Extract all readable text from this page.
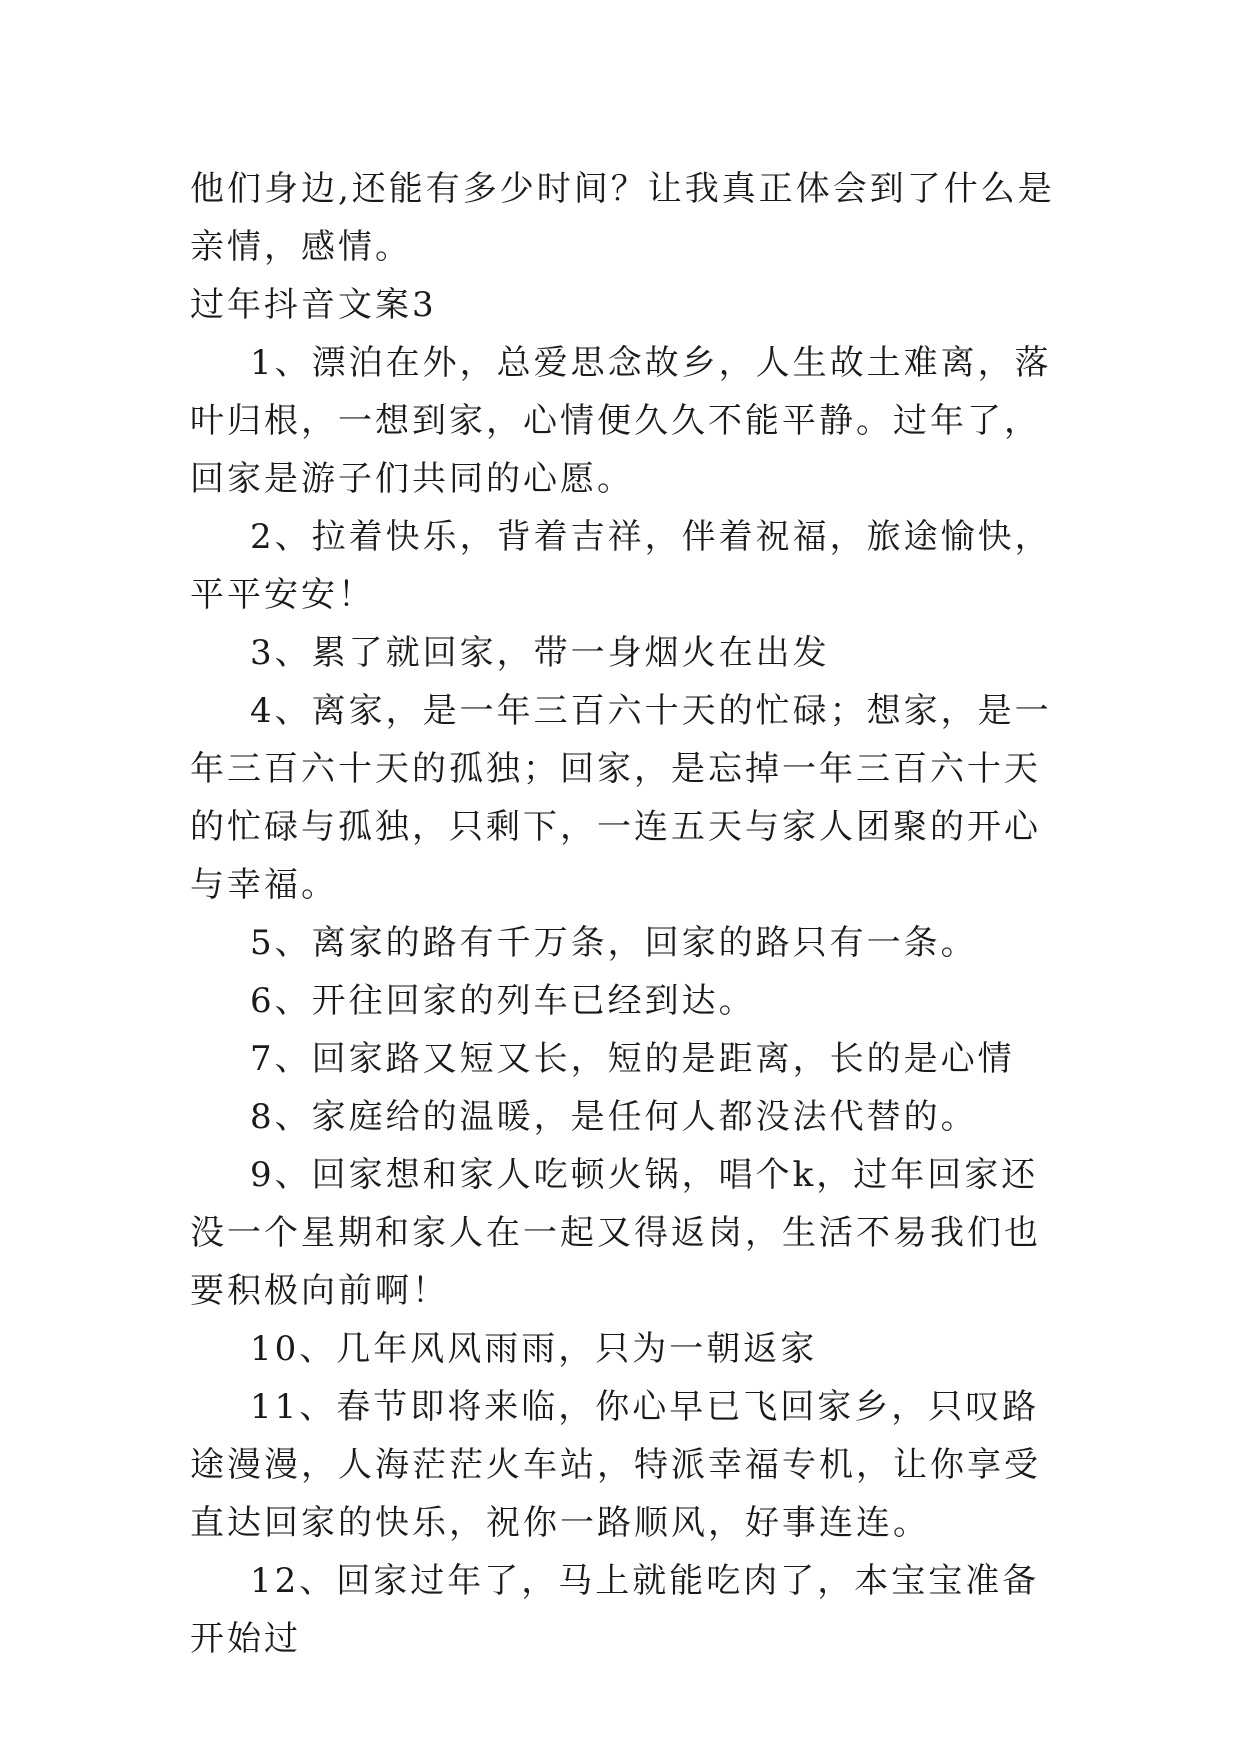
他们身边,还能有多少时间？让我真正体会到了什么是亲情，感情。

过年抖音文案3

1、漂泊在外，总爱思念故乡，人生故土难离，落叶归根，一想到家，心情便久久不能平静。过年了，回家是游子们共同的心愿。

2、拉着快乐，背着吉祥，伴着祝福，旅途愉快，平平安安！

3、累了就回家，带一身烟火在出发

4、离家，是一年三百六十天的忙碌；想家，是一年三百六十天的孤独；回家，是忘掉一年三百六十天的忙碌与孤独，只剩下，一连五天与家人团聚的开心与幸福。

5、离家的路有千万条，回家的路只有一条。

6、开往回家的列车已经到达。

7、回家路又短又长，短的是距离，长的是心情

8、家庭给的温暖，是任何人都没法代替的。

9、回家想和家人吃顿火锅，唱个k，过年回家还没一个星期和家人在一起又得返岗，生活不易我们也要积极向前啊！

10、几年风风雨雨，只为一朝返家

11、春节即将来临，你心早已飞回家乡，只叹路途漫漫，人海茫茫火车站，特派幸福专机，让你享受直达回家的快乐，祝你一路顺风，好事连连。

12、回家过年了，马上就能吃肉了，本宝宝准备开始过
